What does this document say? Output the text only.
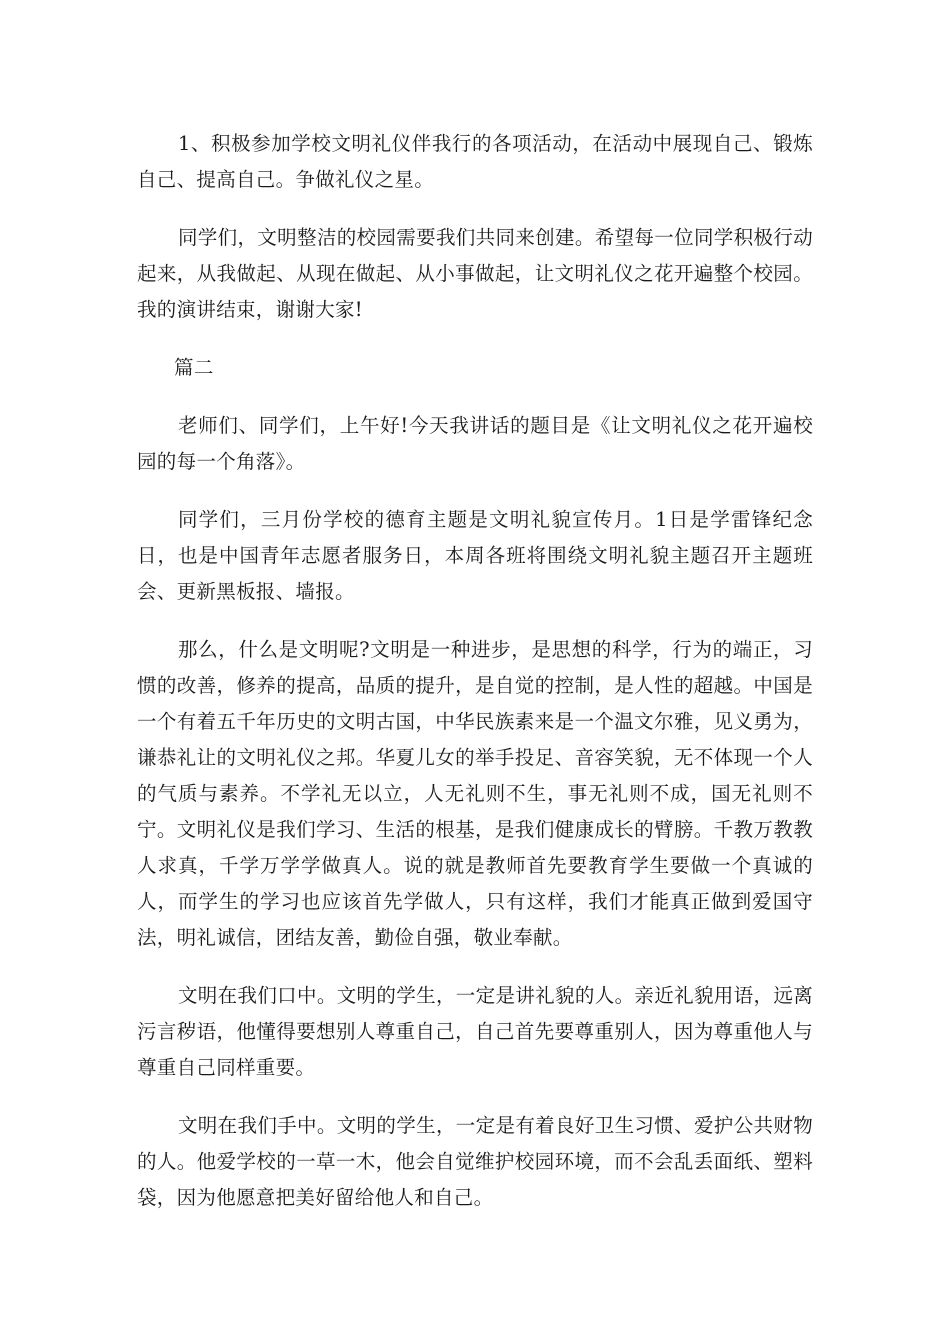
1、积极参加学校文明礼仪伴我行的各项活动，在活动中展现自己、锻炼自己、提高自己。争做礼仪之星。

同学们，文明整洁的校园需要我们共同来创建。希望每一位同学积极行动起来，从我做起、从现在做起、从小事做起，让文明礼仪之花开遍整个校园。我的演讲结束，谢谢大家!

篇二

老师们、同学们，上午好!今天我讲话的题目是《让文明礼仪之花开遍校园的每一个角落》。

同学们，三月份学校的德育主题是文明礼貌宣传月。1日是学雷锋纪念日，也是中国青年志愿者服务日，本周各班将围绕文明礼貌主题召开主题班会、更新黑板报、墙报。

那么，什么是文明呢?文明是一种进步，是思想的科学，行为的端正，习惯的改善，修养的提高，品质的提升，是自觉的控制，是人性的超越。中国是一个有着五千年历史的文明古国，中华民族素来是一个温文尔雅，见义勇为，谦恭礼让的文明礼仪之邦。华夏儿女的举手投足、音容笑貌，无不体现一个人的气质与素养。不学礼无以立，人无礼则不生，事无礼则不成，国无礼则不宁。文明礼仪是我们学习、生活的根基，是我们健康成长的臂膀。千教万教教人求真，千学万学学做真人。说的就是教师首先要教育学生要做一个真诚的人，而学生的学习也应该首先学做人，只有这样，我们才能真正做到爱国守法，明礼诚信，团结友善，勤俭自强，敬业奉献。

文明在我们口中。文明的学生，一定是讲礼貌的人。亲近礼貌用语，远离污言秽语，他懂得要想别人尊重自己，自己首先要尊重别人，因为尊重他人与尊重自己同样重要。

文明在我们手中。文明的学生，一定是有着良好卫生习惯、爱护公共财物的人。他爱学校的一草一木，他会自觉维护校园环境，而不会乱丢面纸、塑料袋，因为他愿意把美好留给他人和自己。
